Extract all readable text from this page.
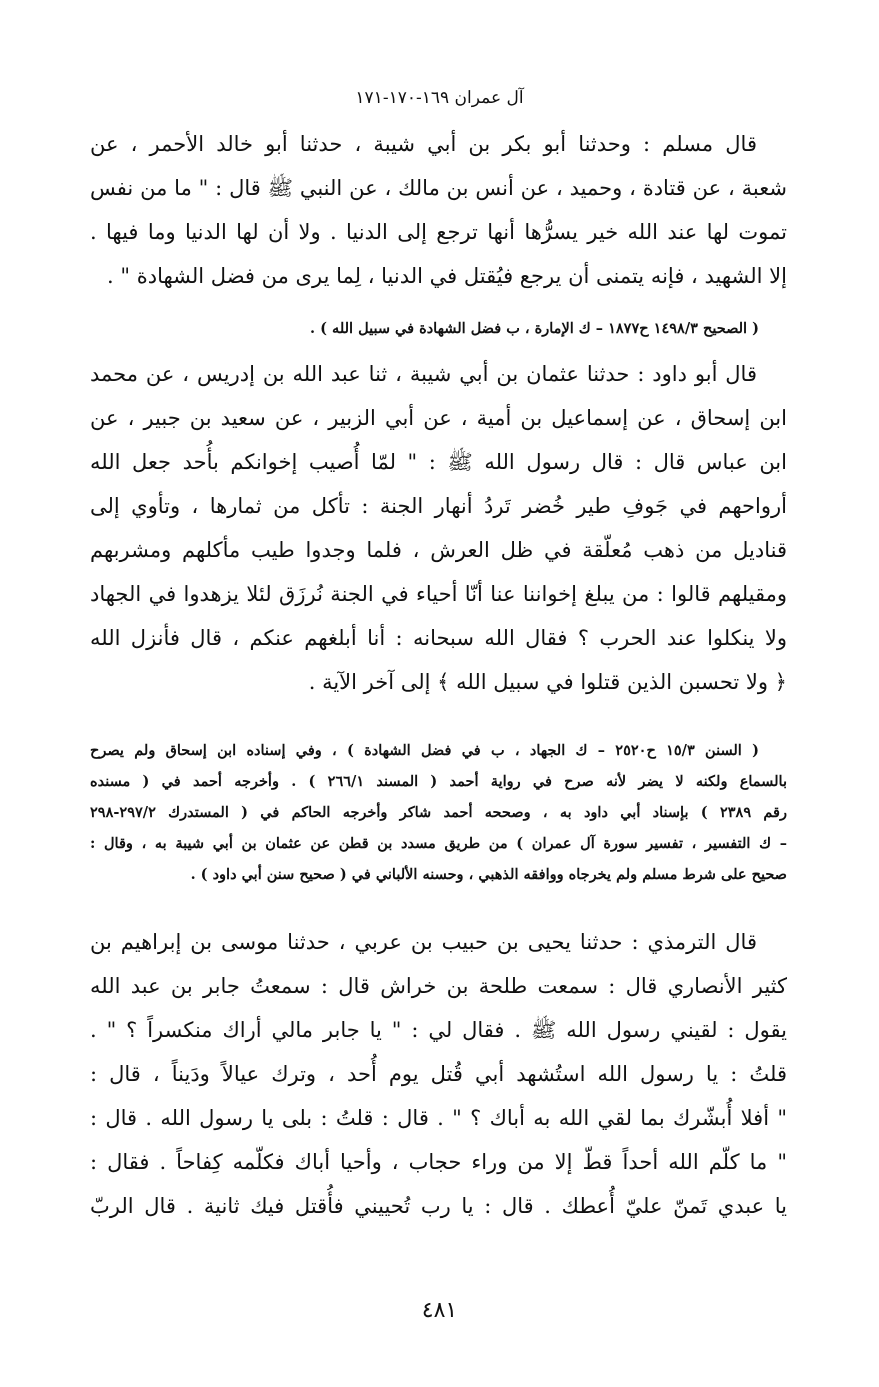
آل عمران ١٦٩-١٧٠-١٧١
قال مسلم : وحدثنا أبو بكر بن أبي شيبة ، حدثنا أبو خالد الأحمر ، عن
شعبة ، عن قتادة ، وحميد ، عن أنس بن مالك ، عن النبي ﷺ قال : " ما من نفس
تموت لها عند الله خير يسرُّها أنها ترجع إلى الدنيا . ولا أن لها الدنيا وما فيها .
إلا الشهيد ، فإنه يتمنى أن يرجع فيُقتل في الدنيا ، لِما يرى من فضل الشهادة " .
( الصحيح ١٤٩٨/٣ ح١٨٧٧ – ك الإمارة ، ب فضل الشهادة في سبيل الله ) .
قال أبو داود : حدثنا عثمان بن أبي شيبة ، ثنا عبد الله بن إدريس ، عن محمد
ابن إسحاق ، عن إسماعيل بن أمية ، عن أبي الزبير ، عن سعيد بن جبير ، عن
ابن عباس قال : قال رسول الله ﷺ : " لمّا أُصيب إخوانكم بأُحد جعل الله
أرواحهم في جَوفِ طير خُضر تَردُ أنهار الجنة : تأكل من ثمارها ، وتأوي إلى
قناديل من ذهب مُعلّقة في ظل العرش ، فلما وجدوا طيب مأكلهم ومشربهم
ومقيلهم قالوا : من يبلغ إخواننا عنا أنّا أحياء في الجنة نُرزَق لئلا يزهدوا في الجهاد
ولا ينكلوا عند الحرب ؟ فقال الله سبحانه : أنا أبلغهم عنكم ، قال فأنزل الله
﴿ ولا تحسبن الذين قتلوا في سبيل الله ﴾ إلى آخر الآية .
( السنن ١٥/٣ ح٢٥٢٠ – ك الجهاد ، ب في فضل الشهادة ) ، وفي إسناده ابن إسحاق ولم يصرح
بالسماع ولكنه لا يضر لأنه صرح في رواية أحمد ( المسند ٢٦٦/١ ) . وأخرجه أحمد في ( مسنده
رقم ٢٣٨٩ ) بإسناد أبي داود به ، وصححه أحمد شاكر وأخرجه الحاكم في ( المستدرك ٢٩٧/٢-٢٩٨
– ك التفسير ، تفسير سورة آل عمران ) من طريق مسدد بن قطن عن عثمان بن أبي شيبة به ، وقال :
صحيح على شرط مسلم ولم يخرجاه ووافقه الذهبي ، وحسنه الألباني في ( صحيح سنن أبي داود ) .
قال الترمذي : حدثنا يحيى بن حبيب بن عربي ، حدثنا موسى بن إبراهيم بن
كثير الأنصاري قال : سمعت طلحة بن خراش قال : سمعتُ جابر بن عبد الله
يقول : لقيني رسول الله ﷺ . فقال لي : " يا جابر مالي أراك منكسراً ؟ " .
قلتُ : يا رسول الله استُشهد أبي قُتل يوم أُحد ، وترك عيالاً ودَيناً ، قال :
" أفلا أُبشّرك بما لقي الله به أباك ؟ " . قال : قلتُ : بلى يا رسول الله . قال :
" ما كلّم الله أحداً قطّ إلا من وراء حجاب ، وأحيا أباك فكلّمه كِفاحاً . فقال :
يا عبدي تَمنّ عليّ أُعطك . قال : يا رب تُحييني فأُقتل فيك ثانية . قال الربّ
٤٨١
